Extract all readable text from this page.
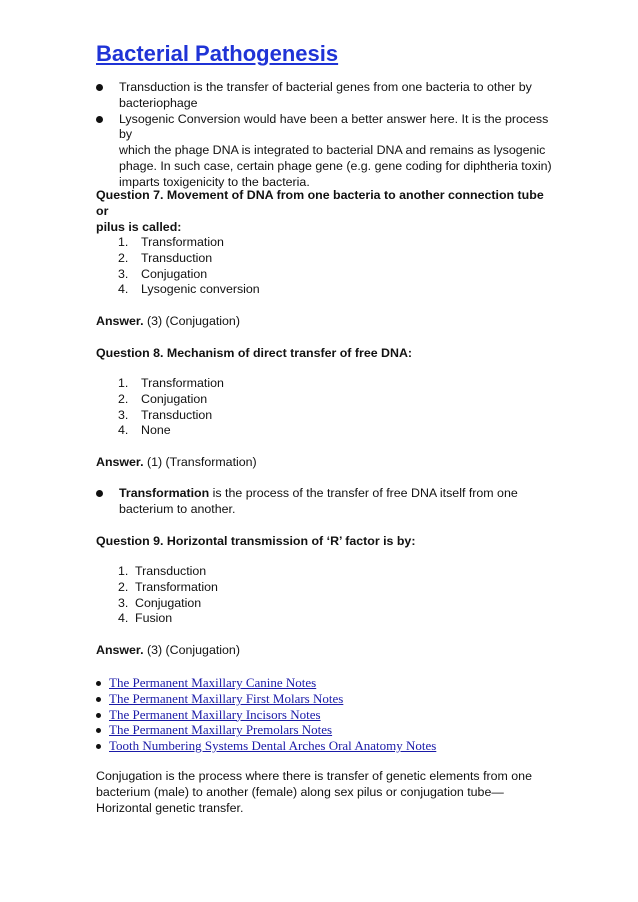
Bacterial Pathogenesis
Transduction is the transfer of bacterial genes from one bacteria to other by
bacteriophage
Lysogenic Conversion would have been a better answer here. It is the process by
which the phage DNA is integrated to bacterial DNA and remains as lysogenic
phage. In such case, certain phage gene (e.g. gene coding for diphtheria toxin)
imparts toxigenicity to the bacteria.
Question 7. Movement of DNA from one bacteria to another connection tube or
pilus is called:
1. Transformation
2. Transduction
3. Conjugation
4. Lysogenic conversion
Answer. (3) (Conjugation)
Question 8. Mechanism of direct transfer of free DNA:
1. Transformation
2. Conjugation
3. Transduction
4. None
Answer. (1) (Transformation)
Transformation is the process of the transfer of free DNA itself from one
bacterium to another.
Question 9. Horizontal transmission of ‘R’ factor is by:
1. Transduction
2. Transformation
3. Conjugation
4. Fusion
Answer. (3) (Conjugation)
The Permanent Maxillary Canine Notes
The Permanent Maxillary First Molars Notes
The Permanent Maxillary Incisors Notes
The Permanent Maxillary Premolars Notes
Tooth Numbering Systems Dental Arches Oral Anatomy Notes
Conjugation is the process where there is transfer of genetic elements from one
bacterium (male) to another (female) along sex pilus or conjugation tube—
Horizontal genetic transfer.
